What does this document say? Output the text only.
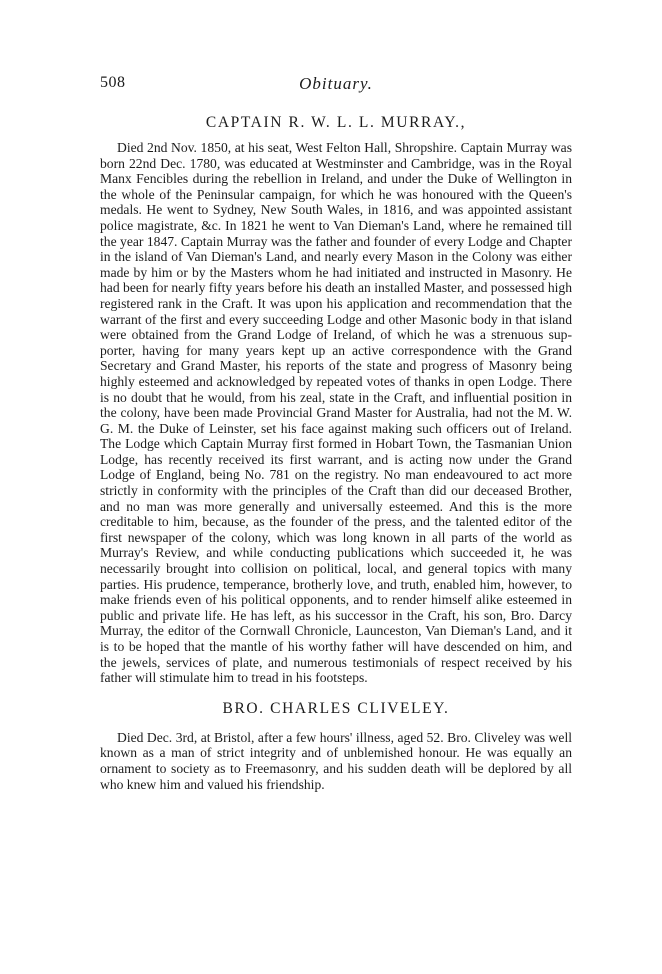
508	Obituary.
CAPTAIN R. W. L. L. MURRAY.,

Died 2nd Nov. 1850, at his seat, West Felton Hall, Shropshire. Captain Murray was born 22nd Dec. 1780, was educated at Westminster and Cambridge, was in the Royal Manx Fencibles during the rebellion in Ireland, and under the Duke of Wellington in the whole of the Peninsular campaign, for which he was honoured with the Queen's medals. He went to Sydney, New South Wales, in 1816, and was appointed assistant police magistrate, &c. In 1821 he went to Van Dieman's Land, where he remained till the year 1847. Captain Murray was the father and founder of every Lodge and Chapter in the island of Van Dieman's Land, and nearly every Mason in the Colony was either made by him or by the Masters whom he had initiated and instructed in Masonry. He had been for nearly fifty years before his death an installed Master, and possessed high registered rank in the Craft. It was upon his application and recommendation that the warrant of the first and every succeeding Lodge and other Masonic body in that island were obtained from the Grand Lodge of Ireland, of which he was a strenuous supporter, having for many years kept up an active correspondence with the Grand Secretary and Grand Master, his reports of the state and progress of Masonry being highly esteemed and acknowledged by repeated votes of thanks in open Lodge. There is no doubt that he would, from his zeal, state in the Craft, and influential position in the colony, have been made Provincial Grand Master for Australia, had not the M. W. G. M. the Duke of Leinster, set his face against making such officers out of Ireland. The Lodge which Captain Murray first formed in Hobart Town, the Tasmanian Union Lodge, has recently received its first warrant, and is acting now under the Grand Lodge of England, being No. 781 on the registry. No man endeavoured to act more strictly in conformity with the principles of the Craft than did our deceased Brother, and no man was more generally and universally esteemed. And this is the more creditable to him, because, as the founder of the press, and the talented editor of the first newspaper of the colony, which was long known in all parts of the world as Murray's Review, and while conducting publications which succeeded it, he was necessarily brought into collision on political, local, and general topics with many parties. His prudence, temperance, brotherly love, and truth, enabled him, however, to make friends even of his political opponents, and to render himself alike esteemed in public and private life. He has left, as his successor in the Craft, his son, Bro. Darcy Murray, the editor of the Cornwall Chronicle, Launceston, Van Dieman's Land, and it is to be hoped that the mantle of his worthy father will have descended on him, and the jewels, services of plate, and numerous testimonials of respect received by his father will stimulate him to tread in his footsteps.

BRO. CHARLES CLIVELEY.

Died Dec. 3rd, at Bristol, after a few hours' illness, aged 52. Bro. Cliveley was well known as a man of strict integrity and of unblemished honour. He was equally an ornament to society as to Freemasonry, and his sudden death will be deplored by all who knew him and valued his friendship.
